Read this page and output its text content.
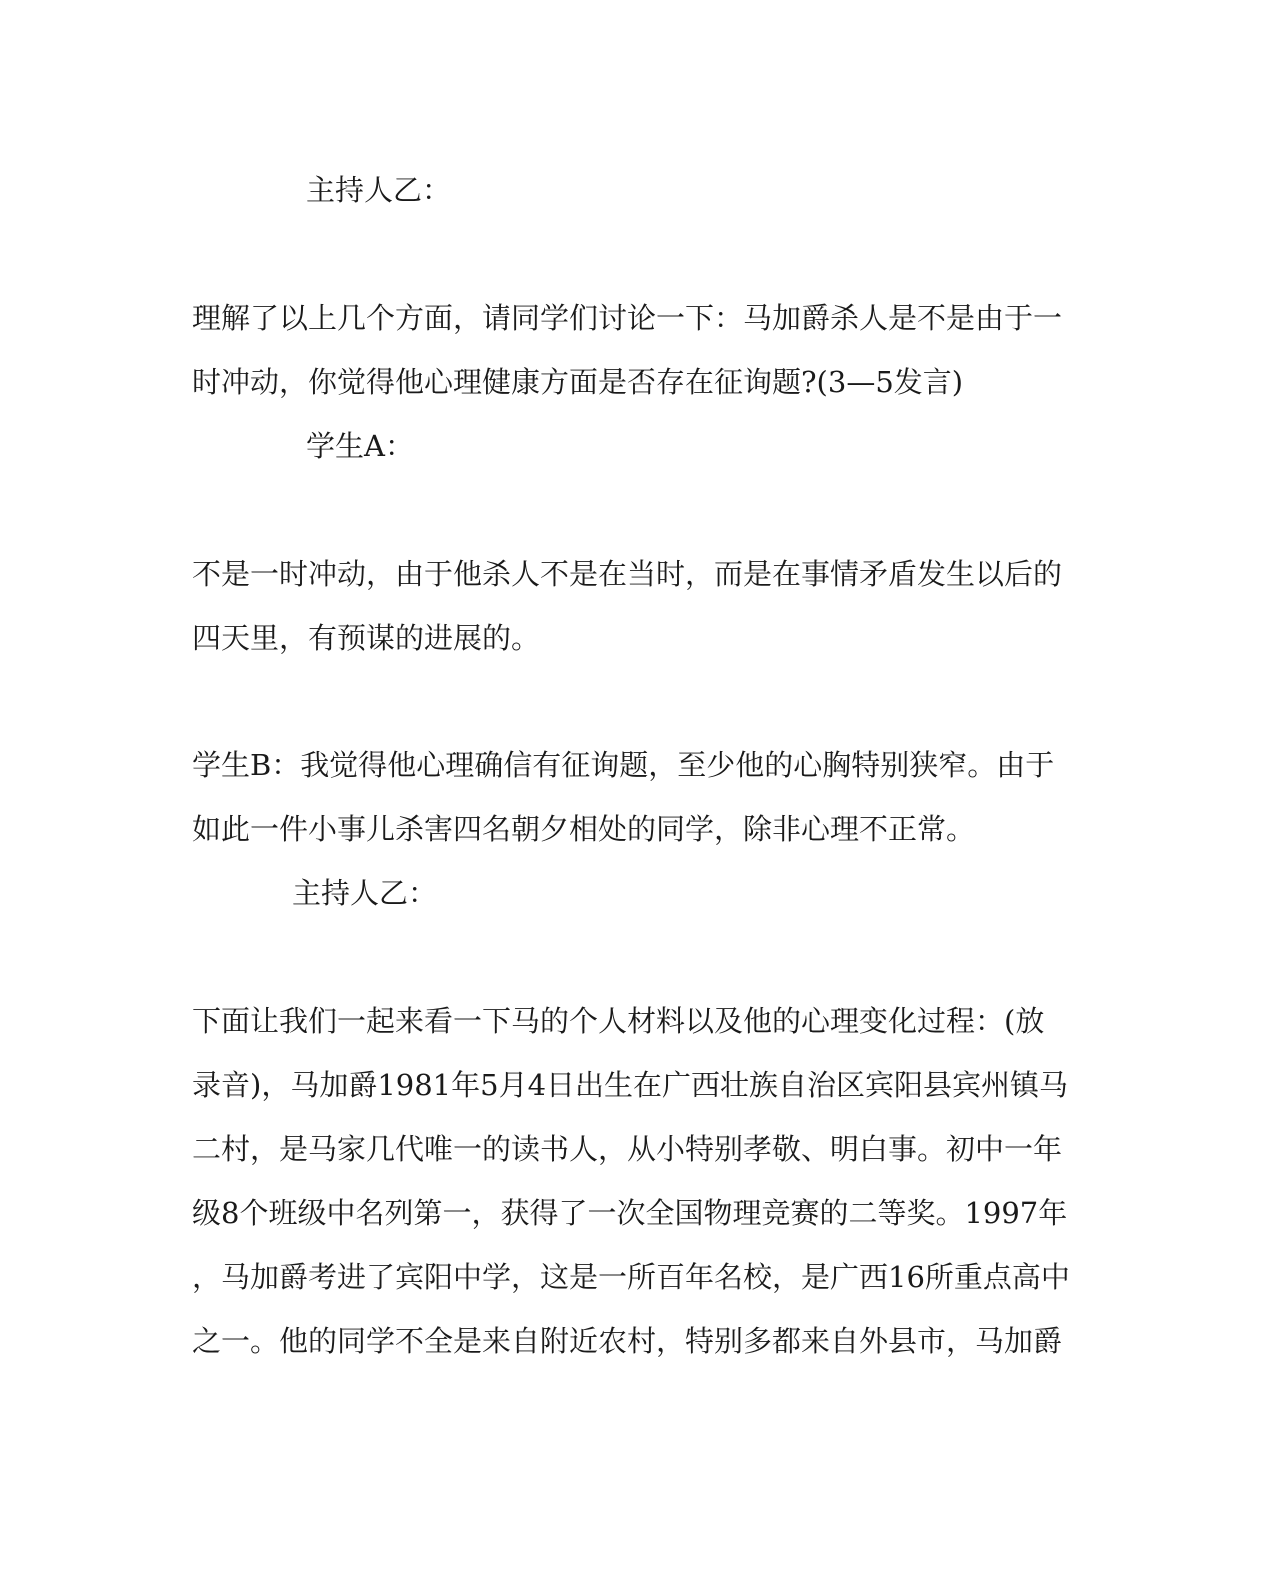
主持人乙：
理解了以上几个方面，请同学们讨论一下：马加爵杀人是不是由于一
时冲动，你觉得他心理健康方面是否存在征询题?(3—5发言)
学生A：
不是一时冲动，由于他杀人不是在当时，而是在事情矛盾发生以后的
四天里，有预谋的进展的。
学生B：我觉得他心理确信有征询题，至少他的心胸特别狭窄。由于
如此一件小事儿杀害四名朝夕相处的同学，除非心理不正常。
主持人乙：
下面让我们一起来看一下马的个人材料以及他的心理变化过程：(放
录音)，马加爵1981年5月4日出生在广西壮族自治区宾阳县宾州镇马
二村，是马家几代唯一的读书人，从小特别孝敬、明白事。初中一年
级8个班级中名列第一，获得了一次全国物理竞赛的二等奖。1997年
，马加爵考进了宾阳中学，这是一所百年名校，是广西16所重点高中
之一。他的同学不全是来自附近农村，特别多都来自外县市，马加爵
